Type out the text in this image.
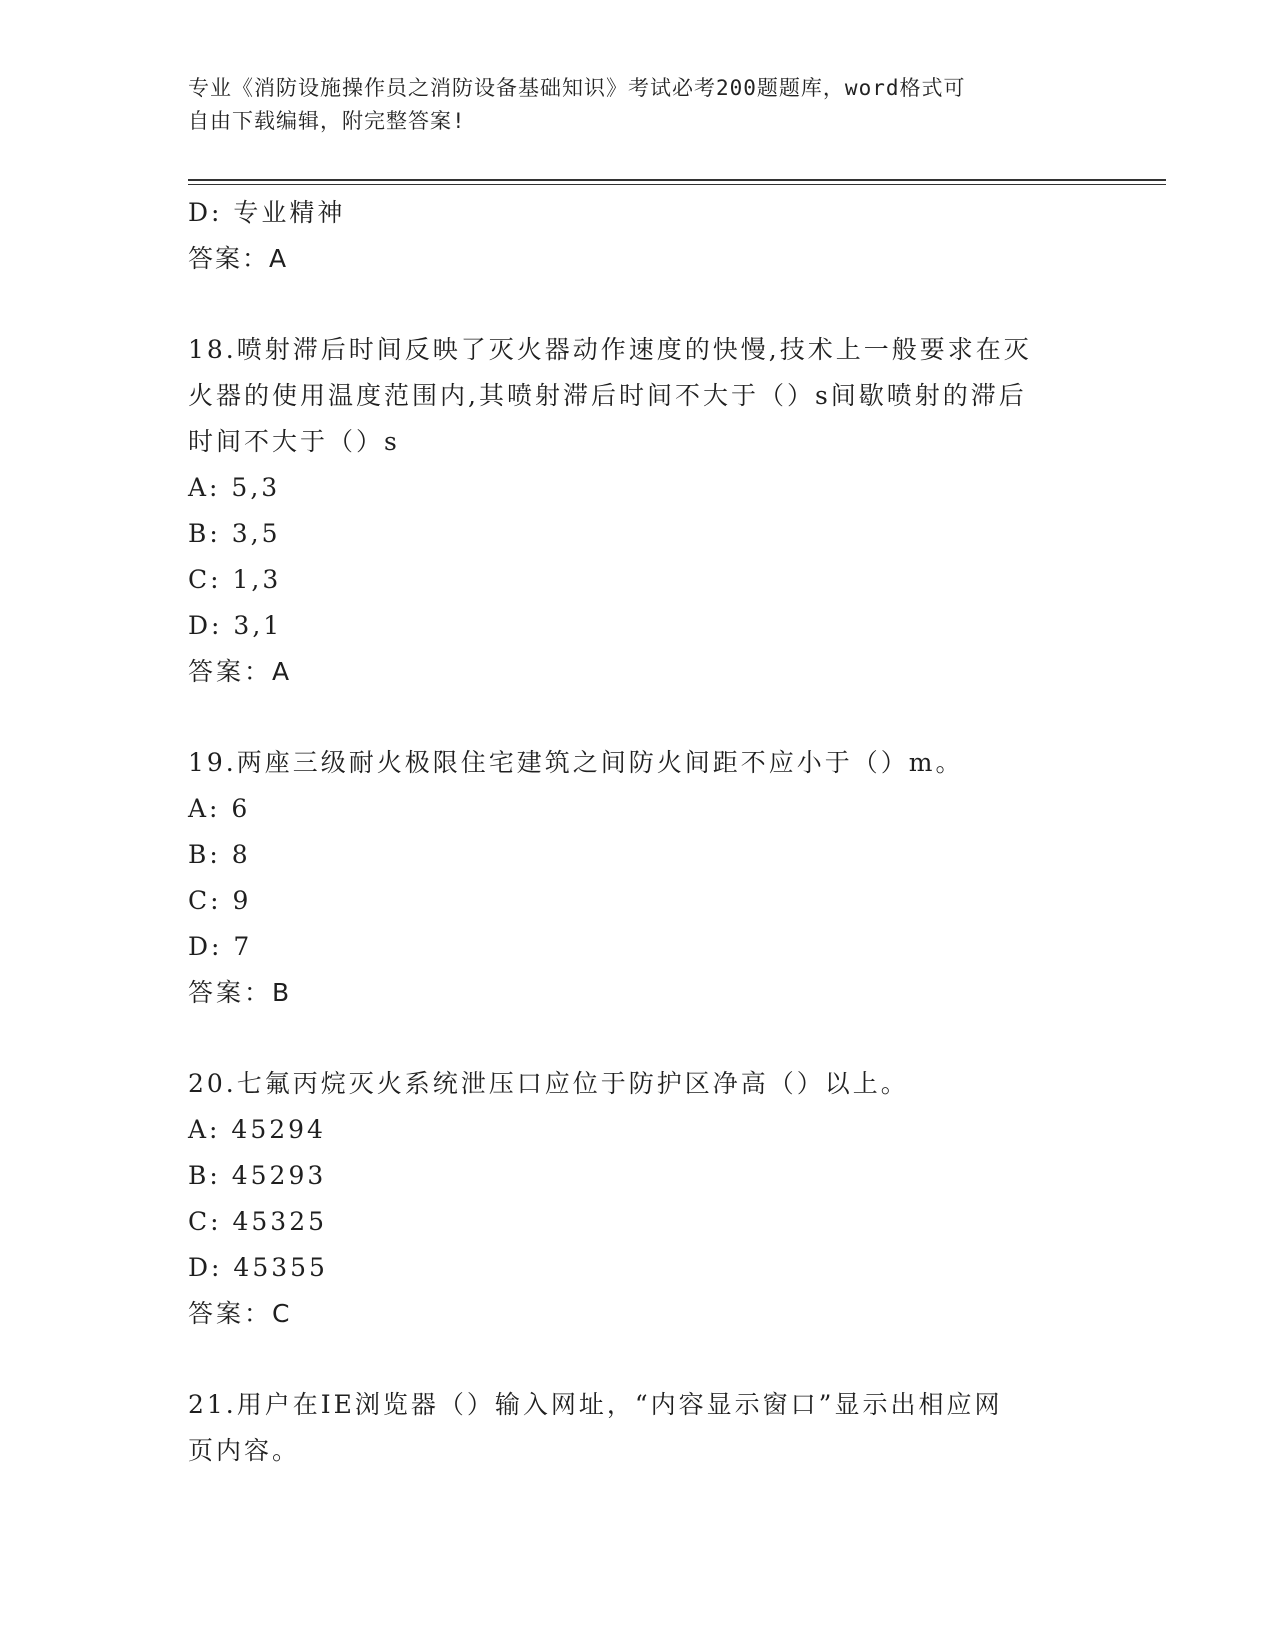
专业《消防设施操作员之消防设备基础知识》考试必考200题题库，word格式可
自由下载编辑，附完整答案!
D: 专业精神
答案：A
18.喷射滞后时间反映了灭火器动作速度的快慢,技术上一般要求在灭
火器的使用温度范围内,其喷射滞后时间不大于（）s间歇喷射的滞后
时间不大于（）s
A: 5,3
B: 3,5
C: 1,3
D: 3,1
答案：A
19.两座三级耐火极限住宅建筑之间防火间距不应小于（）m。
A: 6
B: 8
C: 9
D: 7
答案：B
20.七氟丙烷灭火系统泄压口应位于防护区净高（）以上。
A: 45294
B: 45293
C: 45325
D: 45355
答案：C
21.用户在IE浏览器（）输入网址，“内容显示窗口”显示出相应网
页内容。
